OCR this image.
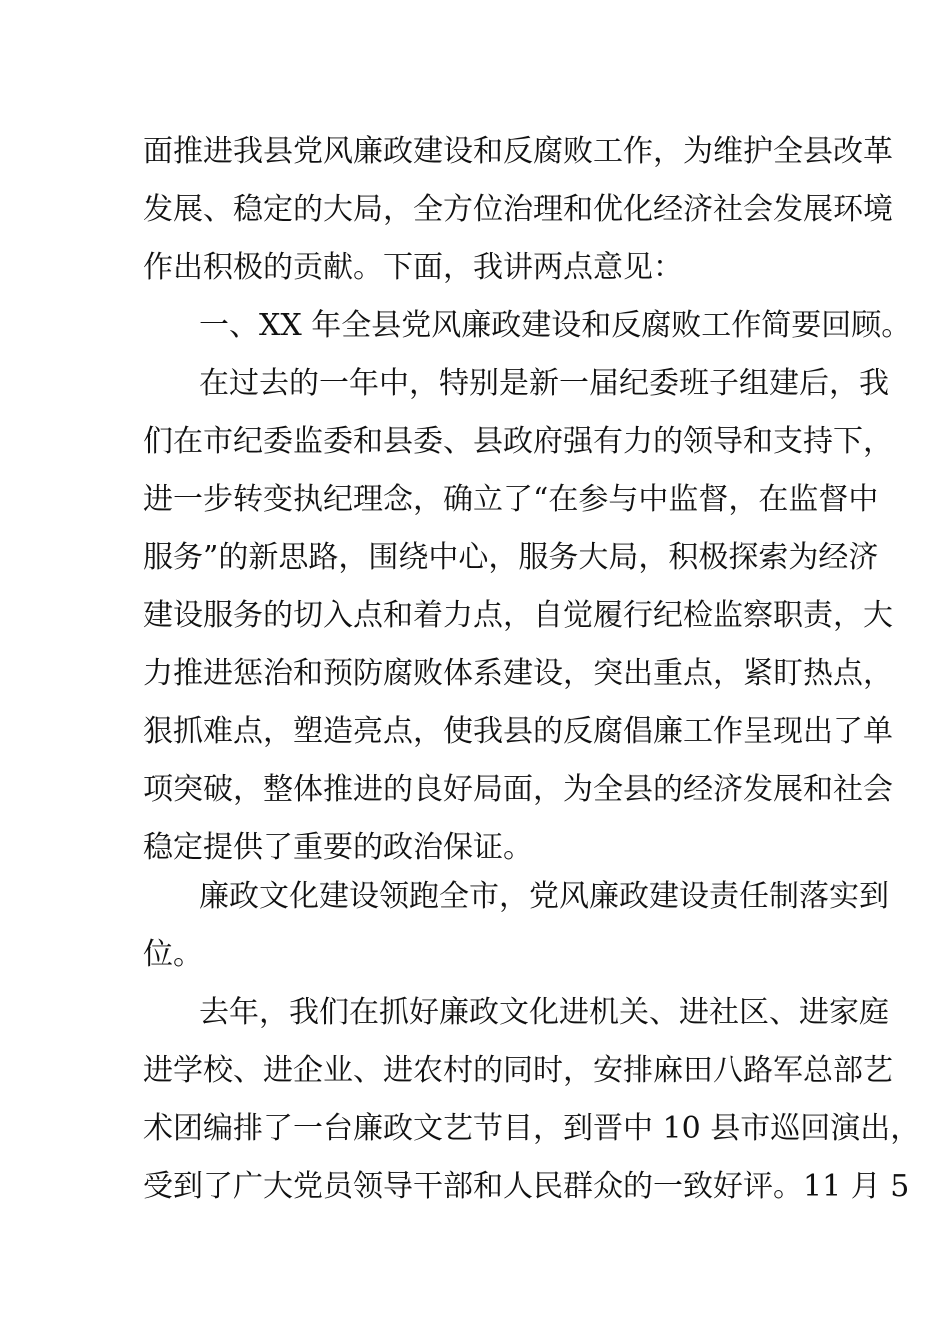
面推进我县党风廉政建设和反腐败工作，为维护全县改革
发展、稳定的大局，全方位治理和优化经济社会发展环境
作出积极的贡献。下面，我讲两点意见：
一、XX 年全县党风廉政建设和反腐败工作简要回顾。
在过去的一年中，特别是新一届纪委班子组建后，我
们在市纪委监委和县委、县政府强有力的领导和支持下，
进一步转变执纪理念，确立了“在参与中监督，在监督中
服务”的新思路，围绕中心，服务大局，积极探索为经济
建设服务的切入点和着力点，自觉履行纪检监察职责，大
力推进惩治和预防腐败体系建设，突出重点，紧盯热点，
狠抓难点，塑造亮点，使我县的反腐倡廉工作呈现出了单
项突破，整体推进的良好局面，为全县的经济发展和社会
稳定提供了重要的政治保证。
廉政文化建设领跑全市，党风廉政建设责任制落实到
位。
去年，我们在抓好廉政文化进机关、进社区、进家庭
进学校、进企业、进农村的同时，安排麻田八路军总部艺
术团编排了一台廉政文艺节目，到晋中 10 县市巡回演出，
受到了广大党员领导干部和人民群众的一致好评。11 月 5
